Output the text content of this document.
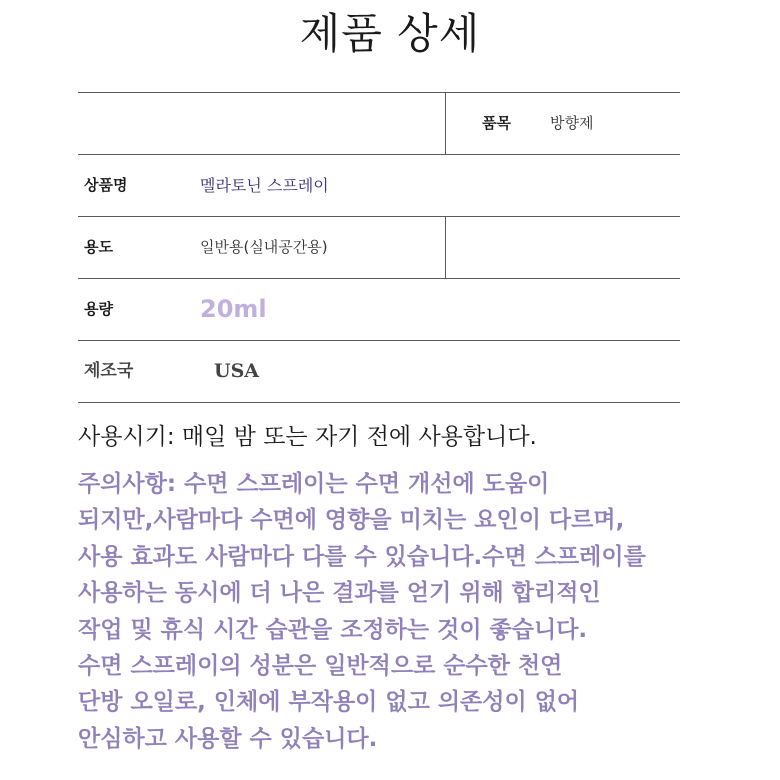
제품 상세
품목	방향제
상품명	멜라토닌 스프레이
용도	일반용(실내공간용)
용량	20ml
제조국	USA
사용시기: 매일 밤 또는 자기 전에 사용합니다.
주의사항: 수면 스프레이는 수면 개선에 도움이
되지만,사람마다 수면에 영향을 미치는 요인이 다르며,
사용 효과도 사람마다 다를 수 있습니다.수면 스프레이를
사용하는 동시에 더 나은 결과를 얻기 위해 합리적인
작업 및 휴식 시간 습관을 조정하는 것이 좋습니다.
수면 스프레이의 성분은 일반적으로 순수한 천연
단방 오일로, 인체에 부작용이 없고 의존성이 없어
안심하고 사용할 수 있습니다.
